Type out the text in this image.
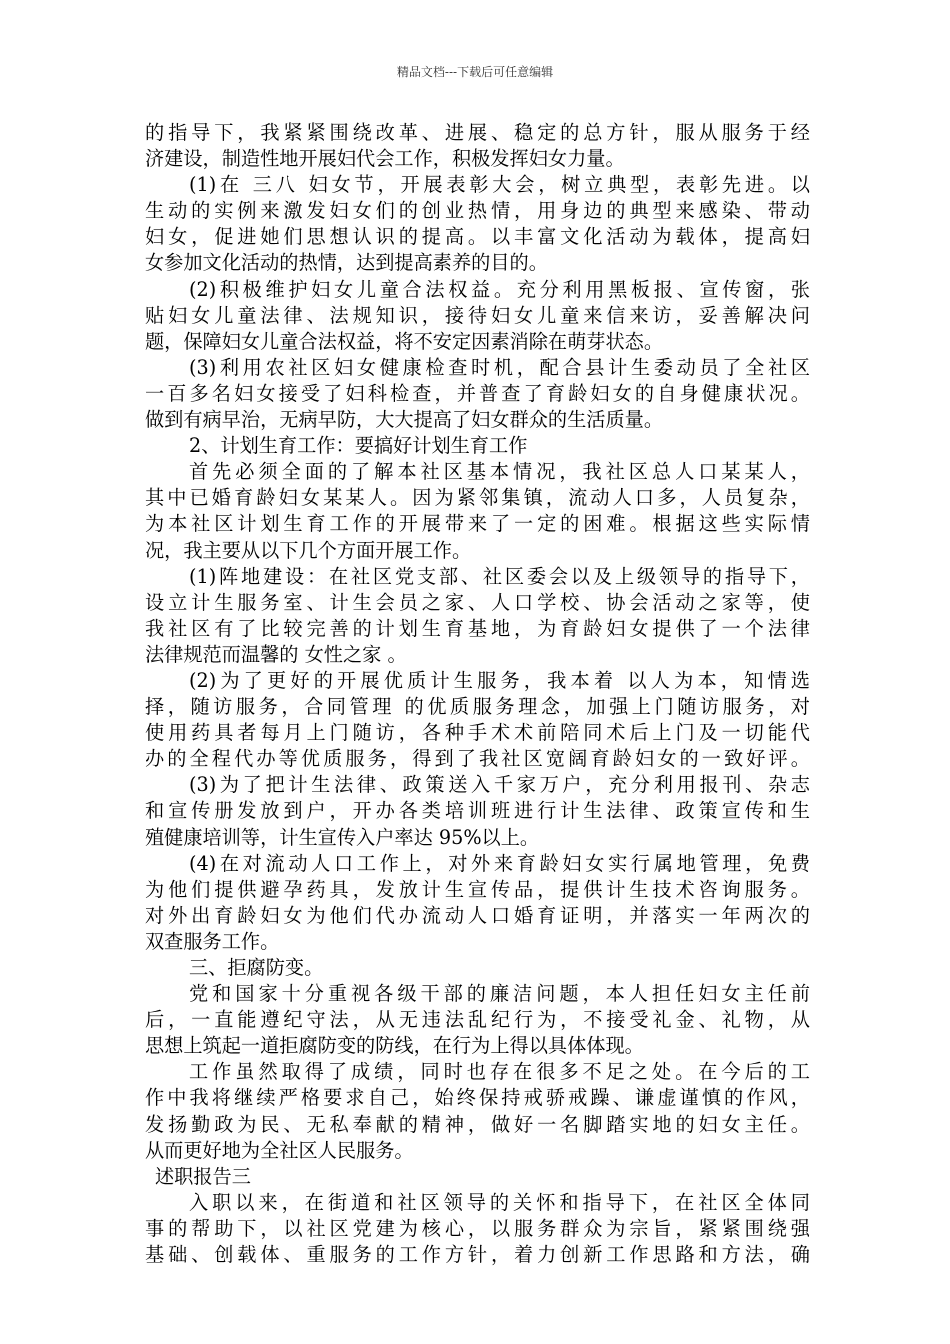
精品文档---下载后可任意编辑
的指导下，我紧紧围绕改革、进展、稳定的总方针，服从服务于经
济建设，制造性地开展妇代会工作，积极发挥妇女力量。
(1)在 三八 妇女节，开展表彰大会，树立典型，表彰先进。以
生动的实例来激发妇女们的创业热情，用身边的典型来感染、带动
妇女，促进她们思想认识的提高。以丰富文化活动为载体，提高妇
女参加文化活动的热情，达到提高素养的目的。
(2)积极维护妇女儿童合法权益。充分利用黑板报、宣传窗，张
贴妇女儿童法律、法规知识，接待妇女儿童来信来访，妥善解决问
题，保障妇女儿童合法权益，将不安定因素消除在萌芽状态。
(3)利用农社区妇女健康检查时机，配合县计生委动员了全社区
一百多名妇女接受了妇科检查，并普查了育龄妇女的自身健康状况。
做到有病早治，无病早防，大大提高了妇女群众的生活质量。
2、计划生育工作：要搞好计划生育工作
首先必须全面的了解本社区基本情况，我社区总人口某某人，
其中已婚育龄妇女某某人。因为紧邻集镇，流动人口多，人员复杂，
为本社区计划生育工作的开展带来了一定的困难。根据这些实际情
况，我主要从以下几个方面开展工作。
(1)阵地建设：在社区党支部、社区委会以及上级领导的指导下，
设立计生服务室、计生会员之家、人口学校、协会活动之家等，使
我社区有了比较完善的计划生育基地，为育龄妇女提供了一个法律
法律规范而温馨的 女性之家 。
(2)为了更好的开展优质计生服务，我本着 以人为本，知情选
择，随访服务，合同管理 的优质服务理念，加强上门随访服务，对
使用药具者每月上门随访，各种手术术前陪同术后上门及一切能代
办的全程代办等优质服务，得到了我社区宽阔育龄妇女的一致好评。
(3)为了把计生法律、政策送入千家万户，充分利用报刊、杂志
和宣传册发放到户，开办各类培训班进行计生法律、政策宣传和生
殖健康培训等，计生宣传入户率达 95%以上。
(4)在对流动人口工作上，对外来育龄妇女实行属地管理，免费
为他们提供避孕药具，发放计生宣传品，提供计生技术咨询服务。
对外出育龄妇女为他们代办流动人口婚育证明，并落实一年两次的
双查服务工作。
三、拒腐防变。
党和国家十分重视各级干部的廉洁问题，本人担任妇女主任前
后，一直能遵纪守法，从无违法乱纪行为，不接受礼金、礼物，从
思想上筑起一道拒腐防变的防线，在行为上得以具体体现。
工作虽然取得了成绩，同时也存在很多不足之处。在今后的工
作中我将继续严格要求自己，始终保持戒骄戒躁、谦虚谨慎的作风，
发扬勤政为民、无私奉献的精神，做好一名脚踏实地的妇女主任。
从而更好地为全社区人民服务。
述职报告三
入职以来，在街道和社区领导的关怀和指导下，在社区全体同
事的帮助下，以社区党建为核心，以服务群众为宗旨，紧紧围绕强
基础、创载体、重服务的工作方针，着力创新工作思路和方法，确
